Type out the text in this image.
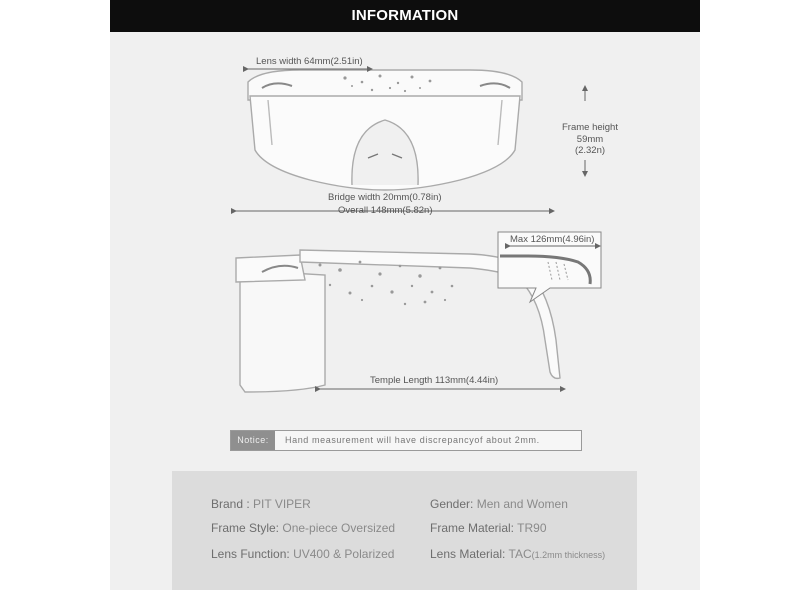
INFORMATION
Lens width 64mm(2.51in)
Frame height
59mm
(2.32n)
Bridge width 20mm(0.78in)
Overall 148mm(5.82n)
Max 126mm(4.96in)
Temple Length 113mm(4.44in)
Notice:	Hand measurement will have discrepancyof about 2mm.
Brand : PIT VIPER	Gender: Men and Women
Frame Style: One-piece Oversized	Frame Material: TR90
Lens Function: UV400 & Polarized	Lens Material: TAC(1.2mm thickness)
